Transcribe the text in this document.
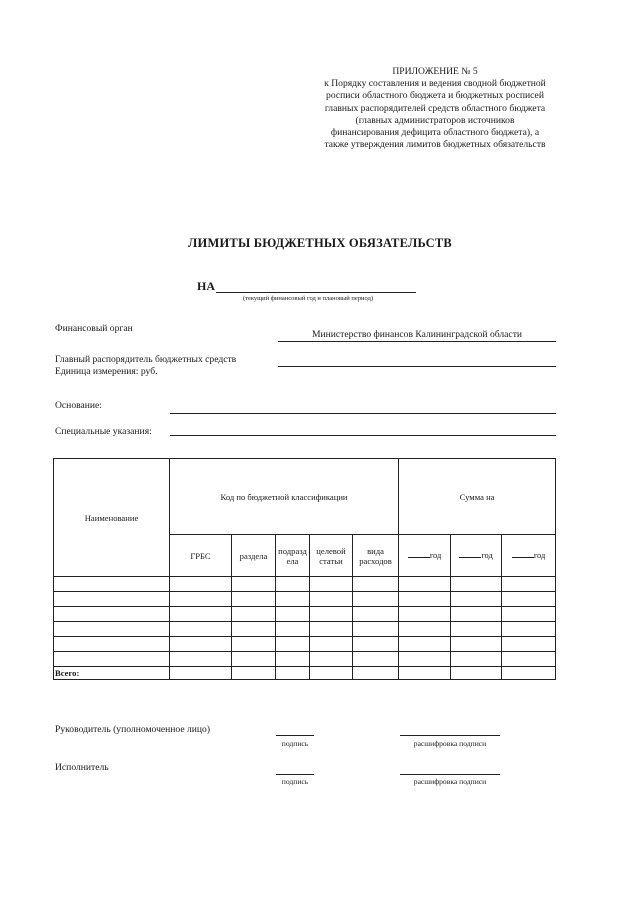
ПРИЛОЖЕНИЕ № 5
к Порядку составления и ведения сводной бюджетной
росписи областного бюджета и бюджетных росписей
главных распорядителей средств областного бюджета
(главных администраторов источников
финансирования дефицита областного бюджета), а
также утверждения лимитов бюджетных обязательств
ЛИМИТЫ БЮДЖЕТНЫХ ОБЯЗАТЕЛЬСТВ
НА
(текущий финансовый год и плановый период)
Финансовый орган
Министерство финансов Калининградской области
Главный распорядитель бюджетных средств
Единица измерения: руб.
Основание:
Специальные указания:
Наименование	Код по бюджетной классификации					Сумма на		
	ГРБС	раздела	подразд ела	целевой статьи	вида расходов	год	год	год

Всего:								
Руководитель (уполномоченное лицо)
подпись	расшифровка подписи
Исполнитель
подпись	расшифровка подписи
